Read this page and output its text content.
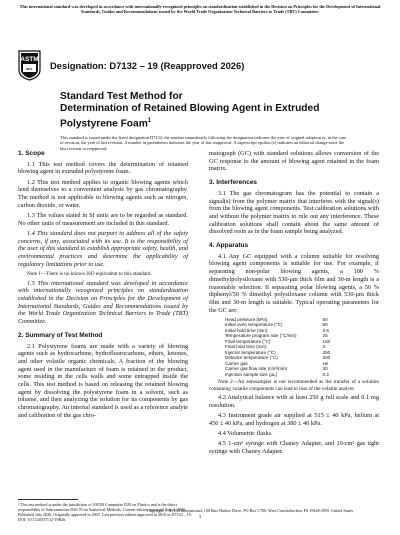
This international standard was developed in accordance with internationally recognized principles on standardization established in the Decision on Principles for the Development of International Standards, Guides and Recommendations issued by the World Trade Organization Technical Barriers to Trade (TBT) Committee.
ASTM
INTL Designation: D7132 – 19 (Reapproved 2026)
Standard Test Method for
Determination of Retained Blowing Agent in Extruded
Polystyrene Foam$^1$
This standard is issued under the fixed designation D7132; the number immediately following the designation indicates the year of original adoption or, in the case of revision, the year of last revision. A number in parentheses indicates the year of last reapproval. A superscript epsilon (ε) indicates an editorial change since the last revision or reapproval.
1. Scope

1.1 This test method covers the determination of retained blowing agent in extruded polystyrene foam.

1.2 This test method applies to organic blowing agents which lend themselves to a convenient analysis by gas chromatography. The method is not applicable to blowing agents such as nitrogen, carbon dioxide, or water.

1.3 The values stated in SI units are to be regarded as standard. No other units of measurement are included in this standard.

1.4 This standard does not purport to address all of the safety concerns, if any, associated with its use. It is the responsibility of the user of this standard to establish appropriate safety, health, and environmental practices and determine the applicability of regulatory limitations prior to use.

Note 1—There is no known ISO equivalent to this standard.

1.5 This international standard was developed in accordance with internationally recognized principles on standardization established in the Decision on Principles for the Development of International Standards, Guides and Recommendations issued by the World Trade Organization Technical Barriers to Trade (TBT) Committee.

2. Summary of Test Method

2.1 Polystyrene foams are made with a variety of blowing agents such as hydrocarbons, hydrofluorocarbons, ethers, ketones, and other volatile organic chemicals. A fraction of the blowing agent used in the manufacture of foam is retained in the product, some residing in the cells walls and some entrapped inside the cells. This test method is based on releasing the retained blowing agent by dissolving the polystyrene foam in a solvent, such as toluene, and then analyzing the solution for its components by gas chromatography. An internal standard is used as a reference analyte and calibration of the gas chro-

matograph (GC) with standard solutions allows conversion of the GC response to the amount of blowing agent retained in the foam matrix.

3. Interferences

3.1 The gas chromatogram has the potential to contain a signal(s) from the polymer matrix that interferes with the signal(s) from the blowing agent components. Test calibration solutions with and without the polymer matrix to rule out any interference. These calibration solutions shall contain about the same amount of dissolved resin as in the foam sample being analyzed.

4. Apparatus

4.1 Any GC equipped with a column suitable for resolving blowing agent components is suitable for use. For example, if separating non-polar blowing agents, a 100 % dimethylpolysiloxane with 530-μm thick film and 30-m length is a reasonable selection. If separating polar blowing agents, a 50 % diphenyl/50 % dimethyl polysiloxane column with 530-μm thick film and 30-m length is suitable. Typical operating parameters for the GC are:

Head pressure (kPa)	50
Initial oven temperature (°C)	50
Initial hold time (min)	3.5
Temperature program rate (°C/min)	25
Final temperature (°C)	150
Final hold time (min)	3
Injector temperature (°C)	250
Detector temperature (°C)	300
Carrier gas	He
Carrier gas flow rate (cm³/min)	30
Injection sample size (μL)	0.2

Note 2—An autosampler is not recommended as the transfer of a solution containing volatile components can lead to loss of the volatile analyte.

4.2 Analytical balance with at least 250 g full scale and 0.1 mg resolution.

4.3 Instrument grade air supplied at 515 ± 40 kPa, helium at 450 ± 40 kPa, and hydrogen at 380 ± 40 kPa.

4.4 Volumetric flasks.

4.5 1-cm³ syringe with Chaney Adapter, and 10-cm³ gas tight syringe with Chaney Adapter.

¹ This test method is under the jurisdiction of ASTM Committee D20 on Plastics and is the direct responsibility of Subcommittee D20.70 on Analytical Methods. Current edition approved July 1, 2026. Published July 2026. Originally approved in 2005. Last previous edition approved in 2019 as D7132 – 19. DOI: 10.1520/D7132-19R26.
Copyright © ASTM International, 100 Barr Harbor Drive, PO Box C700, West Conshohocken, PA 19428-2959. United States
1
